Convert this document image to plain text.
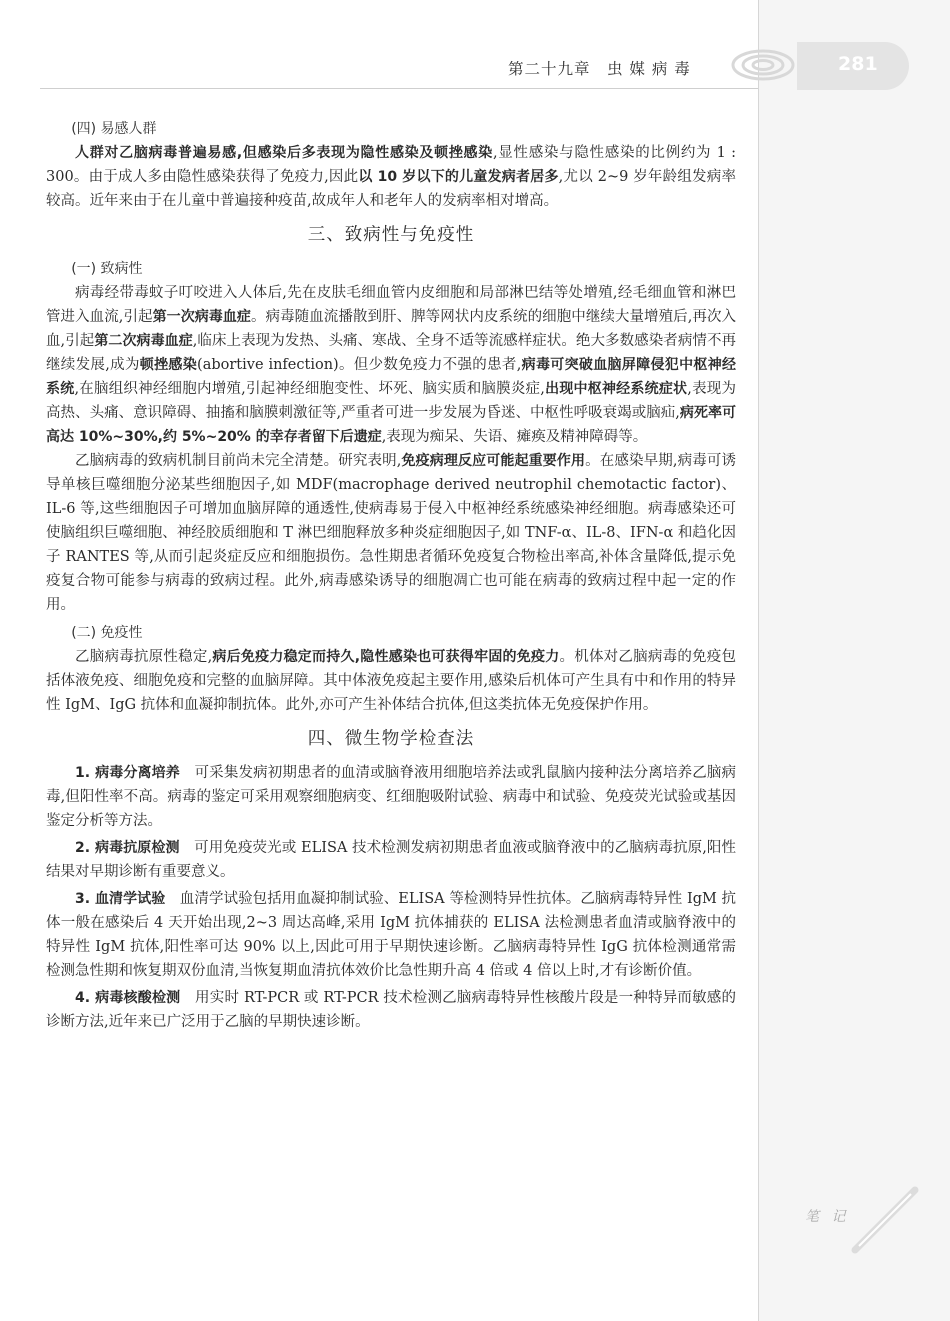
281
第二十九章　虫 媒 病 毒

(四) 易感人群

人群对乙脑病毒普遍易感,但感染后多表现为隐性感染及顿挫感染,显性感染与隐性感染的比例约为 1 : 300。由于成人多由隐性感染获得了免疫力,因此以 10 岁以下的儿童发病者居多,尤以 2~9 岁年龄组发病率较高。近年来由于在儿童中普遍接种疫苗,故成年人和老年人的发病率相对增高。

三、致病性与免疫性

(一) 致病性

病毒经带毒蚊子叮咬进入人体后,先在皮肤毛细血管内皮细胞和局部淋巴结等处增殖,经毛细血管和淋巴管进入血流,引起第一次病毒血症。病毒随血流播散到肝、脾等网状内皮系统的细胞中继续大量增殖后,再次入血,引起第二次病毒血症,临床上表现为发热、头痛、寒战、全身不适等流感样症状。绝大多数感染者病情不再继续发展,成为顿挫感染(abortive infection)。但少数免疫力不强的患者,病毒可突破血脑屏障侵犯中枢神经系统,在脑组织神经细胞内增殖,引起神经细胞变性、坏死、脑实质和脑膜炎症,出现中枢神经系统症状,表现为高热、头痛、意识障碍、抽搐和脑膜刺激征等,严重者可进一步发展为昏迷、中枢性呼吸衰竭或脑疝,病死率可高达 10%~30%,约 5%~20% 的幸存者留下后遗症,表现为痴呆、失语、瘫痪及精神障碍等。

乙脑病毒的致病机制目前尚未完全清楚。研究表明,免疫病理反应可能起重要作用。在感染早期,病毒可诱导单核巨噬细胞分泌某些细胞因子,如 MDF(macrophage derived neutrophil chemotactic factor)、IL-6 等,这些细胞因子可增加血脑屏障的通透性,使病毒易于侵入中枢神经系统感染神经细胞。病毒感染还可使脑组织巨噬细胞、神经胶质细胞和 T 淋巴细胞释放多种炎症细胞因子,如 TNF-α、IL-8、IFN-α 和趋化因子 RANTES 等,从而引起炎症反应和细胞损伤。急性期患者循环免疫复合物检出率高,补体含量降低,提示免疫复合物可能参与病毒的致病过程。此外,病毒感染诱导的细胞凋亡也可能在病毒的致病过程中起一定的作用。

(二) 免疫性

乙脑病毒抗原性稳定,病后免疫力稳定而持久,隐性感染也可获得牢固的免疫力。机体对乙脑病毒的免疫包括体液免疫、细胞免疫和完整的血脑屏障。其中体液免疫起主要作用,感染后机体可产生具有中和作用的特异性 IgM、IgG 抗体和血凝抑制抗体。此外,亦可产生补体结合抗体,但这类抗体无免疫保护作用。

四、微生物学检查法

1. 病毒分离培养　可采集发病初期患者的血清或脑脊液用细胞培养法或乳鼠脑内接种法分离培养乙脑病毒,但阳性率不高。病毒的鉴定可采用观察细胞病变、红细胞吸附试验、病毒中和试验、免疫荧光试验或基因鉴定分析等方法。

2. 病毒抗原检测　可用免疫荧光或 ELISA 技术检测发病初期患者血液或脑脊液中的乙脑病毒抗原,阳性结果对早期诊断有重要意义。

3. 血清学试验　血清学试验包括用血凝抑制试验、ELISA 等检测特异性抗体。乙脑病毒特异性 IgM 抗体一般在感染后 4 天开始出现,2~3 周达高峰,采用 IgM 抗体捕获的 ELISA 法检测患者血清或脑脊液中的特异性 IgM 抗体,阳性率可达 90% 以上,因此可用于早期快速诊断。乙脑病毒特异性 IgG 抗体检测通常需检测急性期和恢复期双份血清,当恢复期血清抗体效价比急性期升高 4 倍或 4 倍以上时,才有诊断价值。

4. 病毒核酸检测　用实时 RT-PCR 或 RT-PCR 技术检测乙脑病毒特异性核酸片段是一种特异而敏感的诊断方法,近年来已广泛用于乙脑的早期快速诊断。

笔 记
